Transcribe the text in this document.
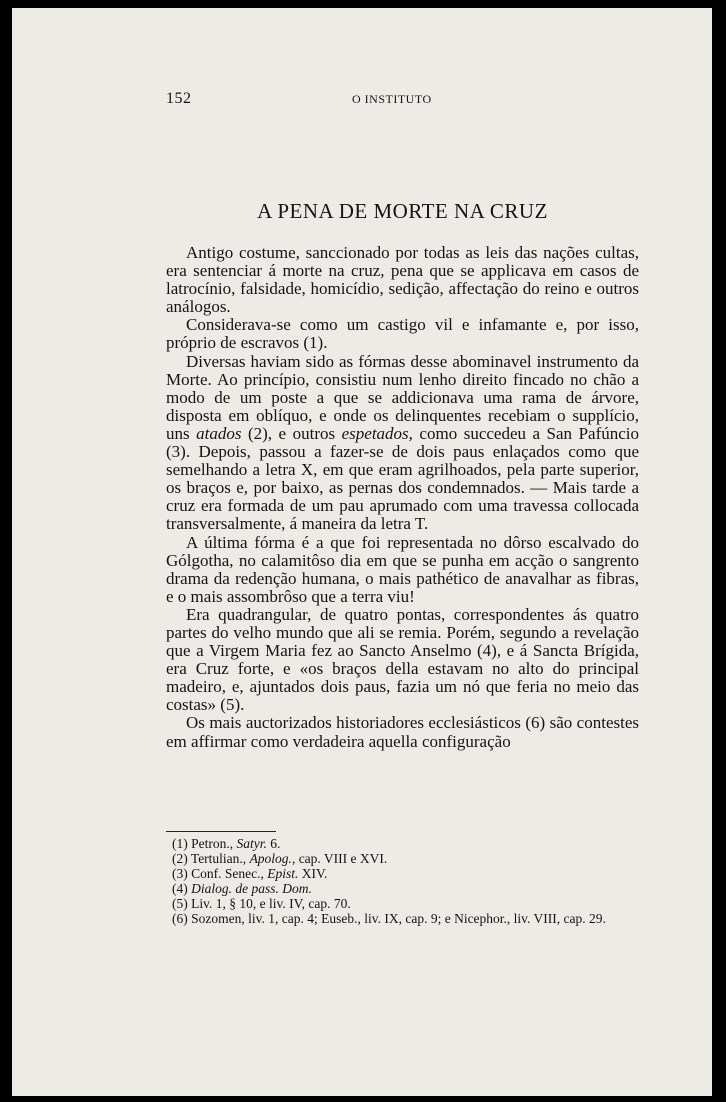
152	O INSTITUTO
A PENA DE MORTE NA CRUZ

Antigo costume, sanccionado por todas as leis das nações cultas, era sentenciar á morte na cruz, pena que se applicava em casos de latrocínio, falsidade, homicídio, sedição, affectação do reino e outros análogos.

Considerava-se como um castigo vil e infamante e, por isso, próprio de escravos (1).

Diversas haviam sido as fórmas desse abominavel instrumento da Morte. Ao princípio, consistiu num lenho direito fincado no chão a modo de um poste a que se addicionava uma rama de árvore, disposta em oblíquo, e onde os delinquentes recebiam o supplício, uns atados (2), e outros espetados, como succedeu a San Pafúncio (3). Depois, passou a fazer-se de dois paus enlaçados como que semelhando a letra X, em que eram agrilhoados, pela parte superior, os braços e, por baixo, as pernas dos condemnados. — Mais tarde a cruz era formada de um pau aprumado com uma travessa collocada transversalmente, á maneira da letra T.

A última fórma é a que foi representada no dôrso escalvado do Gólgotha, no calamitôso dia em que se punha em acção o sangrento drama da redenção humana, o mais pathético de anavalhar as fibras, e o mais assombrôso que a terra viu!

Era quadrangular, de quatro pontas, correspondentes ás quatro partes do velho mundo que ali se remia. Porém, segundo a revelação que a Virgem Maria fez ao Sancto Anselmo (4), e á Sancta Brígida, era Cruz forte, e «os braços della estavam no alto do principal madeiro, e, ajuntados dois paus, fazia um nó que feria no meio das costas» (5).

Os mais auctorizados historiadores ecclesiásticos (6) são contestes em affirmar como verdadeira aquella configuração

(1) Petron., Satyr. 6.

(2) Tertulian., Apolog., cap. VIII e XVI.

(3) Conf. Senec., Epist. XIV.

(4) Dialog. de pass. Dom.

(5) Liv. 1, § 10, e liv. IV, cap. 70.

(6) Sozomen, liv. 1, cap. 4; Euseb., liv. IX, cap. 9; e Nicephor., liv. VIII, cap. 29.
